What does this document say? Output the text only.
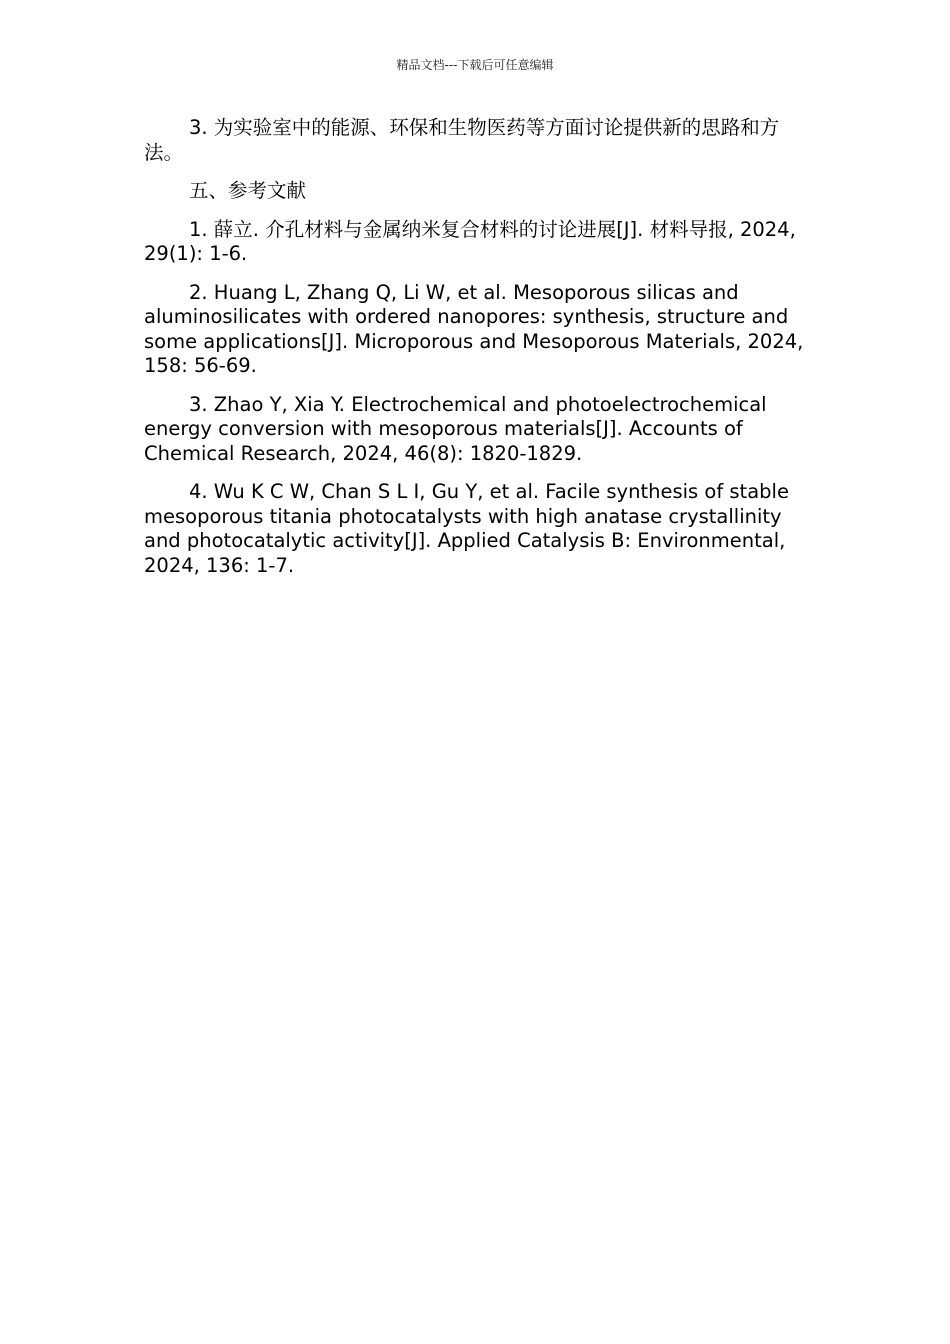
精品文档---下载后可任意编辑

3. 为实验室中的能源、环保和生物医药等方面讨论提供新的思路和方法。

五、参考文献

1. 薛立. 介孔材料与金属纳米复合材料的讨论进展[J]. 材料导报, 2024, 29(1): 1-6.

2. Huang L, Zhang Q, Li W, et al. Mesoporous silicas and aluminosilicates with ordered nanopores: synthesis, structure and some applications[J]. Microporous and Mesoporous Materials, 2024, 158: 56-69.

3. Zhao Y, Xia Y. Electrochemical and photoelectrochemical energy conversion with mesoporous materials[J]. Accounts of Chemical Research, 2024, 46(8): 1820-1829.

4. Wu K C W, Chan S L I, Gu Y, et al. Facile synthesis of stable mesoporous titania photocatalysts with high anatase crystallinity and photocatalytic activity[J]. Applied Catalysis B: Environmental, 2024, 136: 1-7.
